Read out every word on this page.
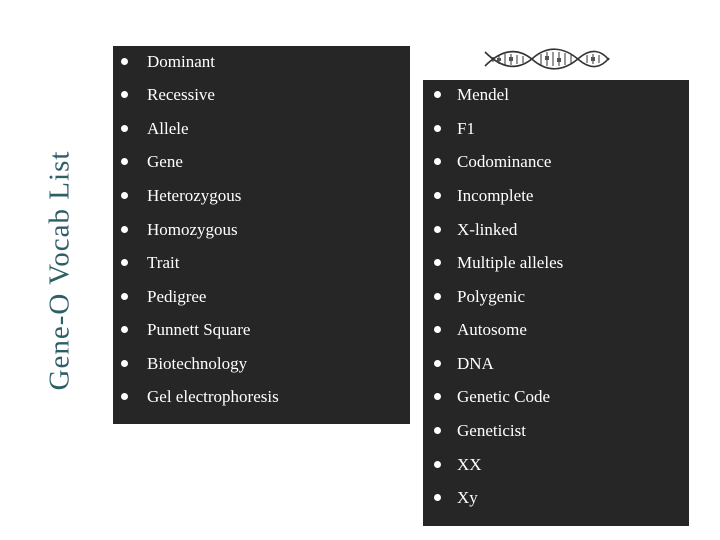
Gene-O Vocab List
Dominant
Recessive
Allele
Gene
Heterozygous
Homozygous
Trait
Pedigree
Punnett Square
Biotechnology
Gel electrophoresis
Mendel
F1
Codominance
Incomplete
X-linked
Multiple alleles
Polygenic
Autosome
DNA
Genetic Code
Geneticist
XX
Xy
